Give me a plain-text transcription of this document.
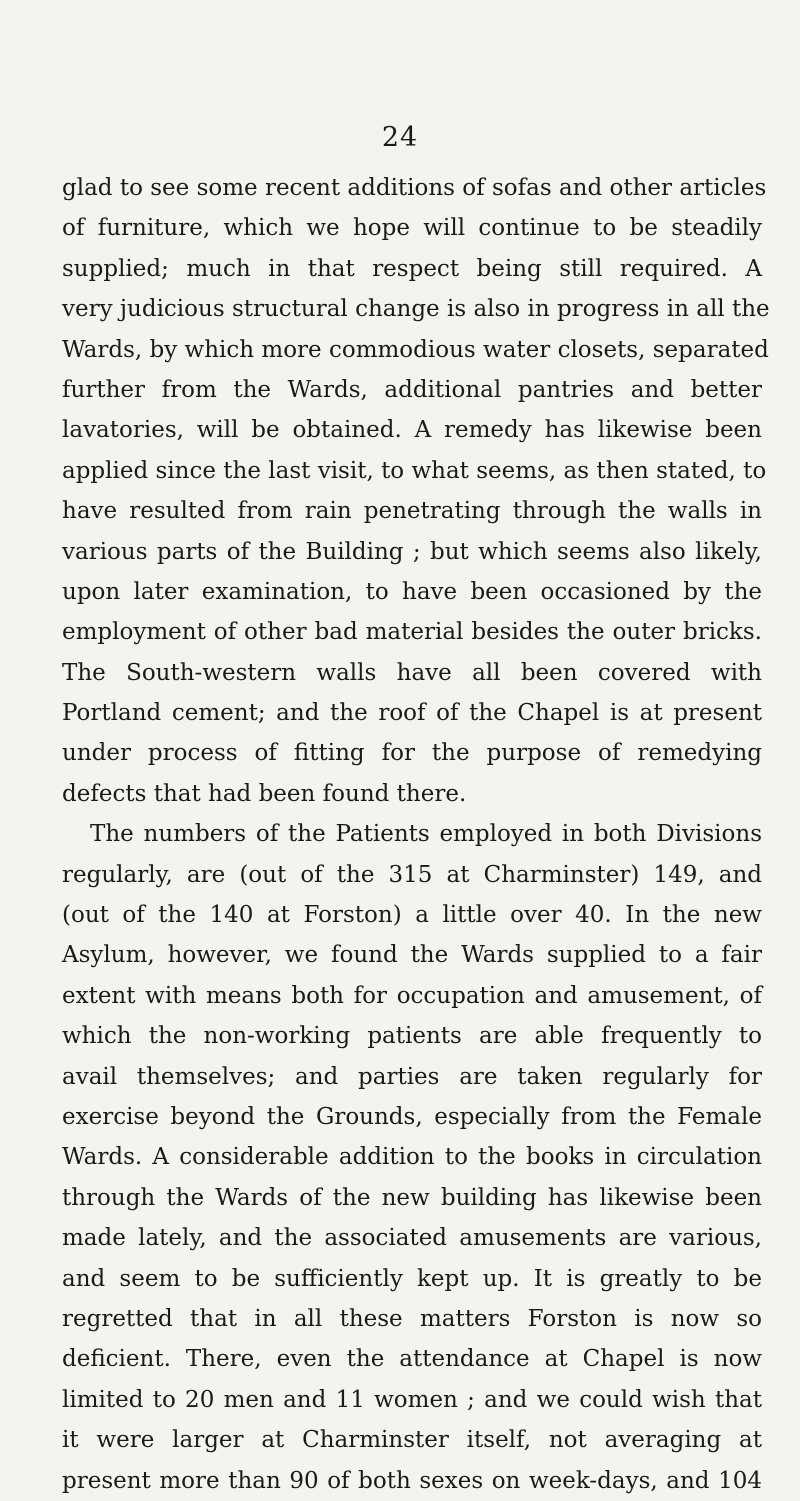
24
glad to see some recent additions of sofas and other articles
of furniture, which we hope will continue to be steadily
supplied; much in that respect being still required. A
very judicious structural change is also in progress in all the
Wards, by which more commodious water closets, separated
further from the Wards, additional pantries and better
lavatories, will be obtained. A remedy has likewise been
applied since the last visit, to what seems, as then stated, to
have resulted from rain penetrating through the walls in
various parts of the Building ; but which seems also likely,
upon later examination, to have been occasioned by the
employment of other bad material besides the outer bricks.
The South-western walls have all been covered with
Portland cement; and the roof of the Chapel is at present
under process of fitting for the purpose of remedying
defects that had been found there.
The numbers of the Patients employed in both Divisions
regularly, are (out of the 315 at Charminster) 149, and
(out of the 140 at Forston) a little over 40. In the new
Asylum, however, we found the Wards supplied to a fair
extent with means both for occupation and amusement, of
which the non-working patients are able frequently to
avail themselves; and parties are taken regularly for
exercise beyond the Grounds, especially from the Female
Wards. A considerable addition to the books in circulation
through the Wards of the new building has likewise been
made lately, and the associated amusements are various,
and seem to be sufficiently kept up. It is greatly to be
regretted that in all these matters Forston is now so
deficient. There, even the attendance at Chapel is now
limited to 20 men and 11 women ; and we could wish that
it were larger at Charminster itself, not averaging at
present more than 90 of both sexes on week-days, and 104
